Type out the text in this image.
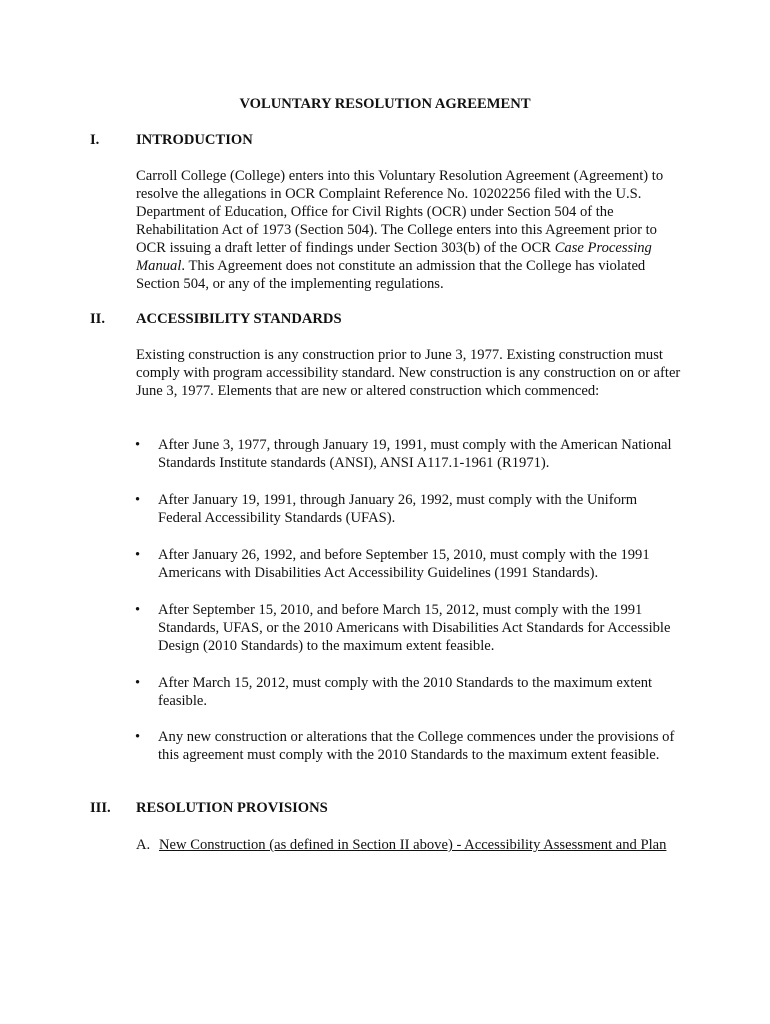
VOLUNTARY RESOLUTION AGREEMENT
I.	INTRODUCTION

Carroll College (College) enters into this Voluntary Resolution Agreement (Agreement) to resolve the allegations in OCR Complaint Reference No. 10202256 filed with the U.S. Department of Education, Office for Civil Rights (OCR) under Section 504 of the Rehabilitation Act of 1973 (Section 504). The College enters into this Agreement prior to OCR issuing a draft letter of findings under Section 303(b) of the OCR Case Processing Manual. This Agreement does not constitute an admission that the College has violated Section 504, or any of the implementing regulations.

II. ACCESSIBILITY STANDARDS

Existing construction is any construction prior to June 3, 1977. Existing construction must comply with program accessibility standard. New construction is any construction on or after June 3, 1977. Elements that are new or altered construction which commenced:

• After June 3, 1977, through January 19, 1991, must comply with the American National Standards Institute standards (ANSI), ANSI A117.1-1961 (R1971).

• After January 19, 1991, through January 26, 1992, must comply with the Uniform Federal Accessibility Standards (UFAS).

• After January 26, 1992, and before September 15, 2010, must comply with the 1991 Americans with Disabilities Act Accessibility Guidelines (1991 Standards).

• After September 15, 2010, and before March 15, 2012, must comply with the 1991 Standards, UFAS, or the 2010 Americans with Disabilities Act Standards for Accessible Design (2010 Standards) to the maximum extent feasible.

• After March 15, 2012, must comply with the 2010 Standards to the maximum extent feasible.

• Any new construction or alterations that the College commences under the provisions of this agreement must comply with the 2010 Standards to the maximum extent feasible.

III. RESOLUTION PROVISIONS
A. New Construction (as defined in Section II above) - Accessibility Assessment and Plan
